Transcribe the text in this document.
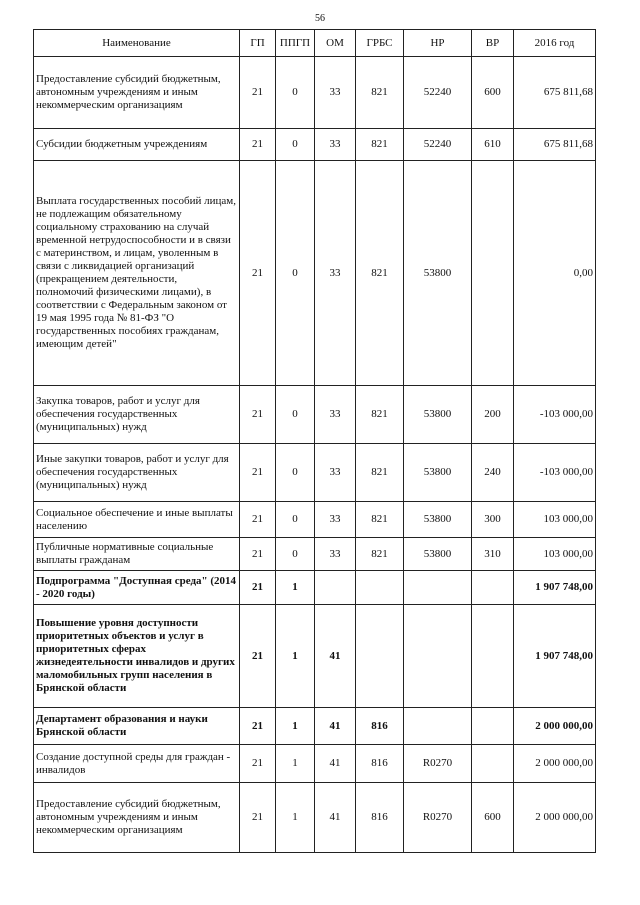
56
Наименование	ГП	ППГП	ОМ	ГРБС	НР	ВР	2016 год
Предоставление субсидий бюджетным, автономным учреждениям и иным некоммерческим организациям	21	0	33	821	52240	600	675 811,68
Субсидии бюджетным учреждениям	21	0	33	821	52240	610	675 811,68
Выплата государственных пособий лицам, не подлежащим обязательному социальному страхованию на случай временной нетрудоспособности и в связи с материнством, и лицам, уволенным в связи с ликвидацией организаций (прекращением деятельности, полномочий физическими лицами), в соответствии с Федеральным законом от 19 мая 1995 года № 81-ФЗ "О государственных пособиях гражданам, имеющим детей"	21	0	33	821	53800		0,00
Закупка товаров, работ и услуг для обеспечения государственных (муниципальных) нужд	21	0	33	821	53800	200	-103 000,00
Иные закупки товаров, работ и услуг для обеспечения государственных (муниципальных) нужд	21	0	33	821	53800	240	-103 000,00
Социальное обеспечение и иные выплаты населению	21	0	33	821	53800	300	103 000,00
Публичные нормативные социальные выплаты гражданам	21	0	33	821	53800	310	103 000,00
Подпрограмма "Доступная среда" (2014 - 2020 годы)	21	1					1 907 748,00
Повышение уровня доступности приоритетных объектов и услуг в приоритетных сферах жизнедеятельности инвалидов и других маломобильных групп населения в Брянской области	21	1	41				1 907 748,00
Департамент образования и науки Брянской области	21	1	41	816			2 000 000,00
Создание доступной среды для граждан - инвалидов	21	1	41	816	R0270		2 000 000,00
Предоставление субсидий бюджетным, автономным учреждениям и иным некоммерческим организациям	21	1	41	816	R0270	600	2 000 000,00
